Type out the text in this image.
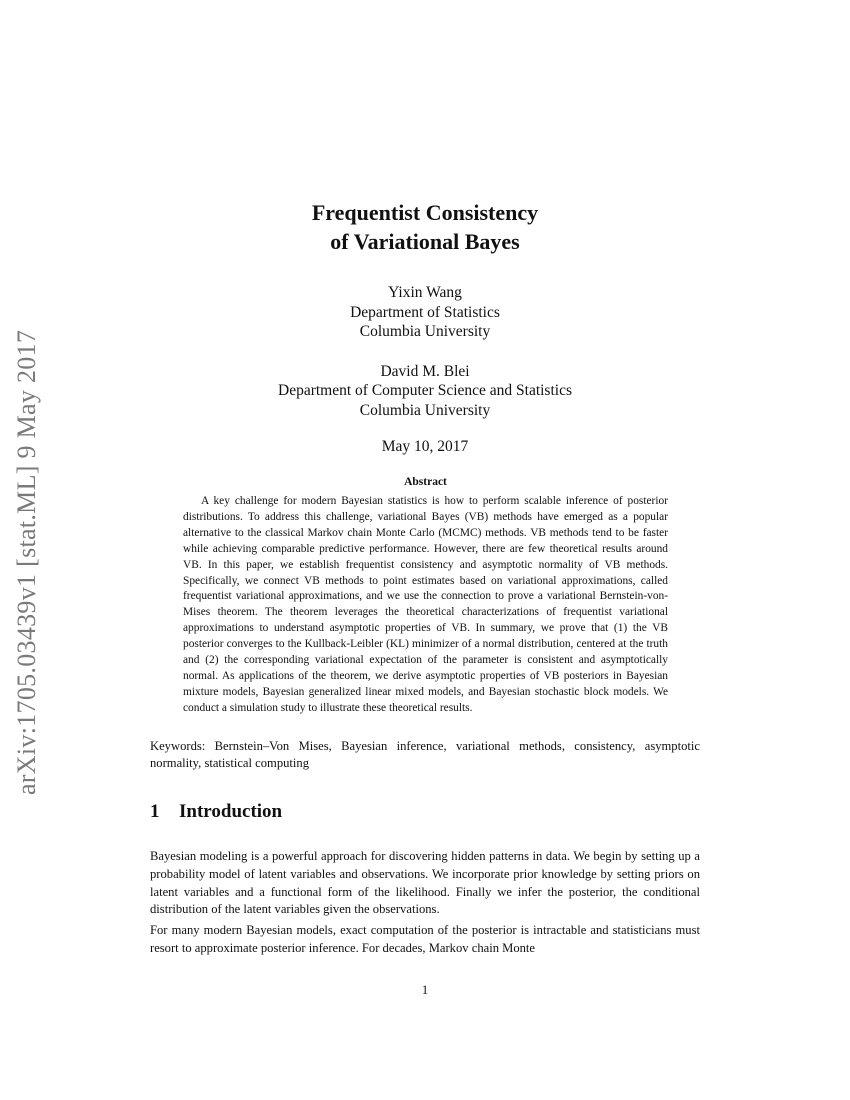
arXiv:1705.03439v1 [stat.ML] 9 May 2017

Frequentist Consistency

of Variational Bayes

Yixin Wang
Department of Statistics
Columbia University
David M. Blei
Department of Computer Science and Statistics
Columbia University
May 10, 2017
Abstract

A key challenge for modern Bayesian statistics is how to perform scalable inference of posterior distributions. To address this challenge, variational Bayes (VB) methods have emerged as a popular alternative to the classical Markov chain Monte Carlo (MCMC) methods. VB methods tend to be faster while achieving comparable predictive performance. However, there are few theoretical results around VB. In this paper, we establish frequentist consistency and asymptotic normality of VB methods. Specifically, we connect VB methods to point estimates based on variational approximations, called frequentist variational approximations, and we use the connection to prove a variational Bernstein-von-Mises theorem. The theorem leverages the theoretical characterizations of frequentist variational approximations to understand asymptotic properties of VB. In summary, we prove that (1) the VB posterior converges to the Kullback-Leibler (KL) minimizer of a normal distribution, centered at the truth and (2) the corresponding variational expectation of the parameter is consistent and asymptotically normal. As applications of the theorem, we derive asymptotic properties of VB posteriors in Bayesian mixture models, Bayesian generalized linear mixed models, and Bayesian stochastic block models. We conduct a simulation study to illustrate these theoretical results.

Keywords: Bernstein–Von Mises, Bayesian inference, variational methods, consistency, asymptotic normality, statistical computing

1 Introduction

Bayesian modeling is a powerful approach for discovering hidden patterns in data. We begin by setting up a probability model of latent variables and observations. We incorporate prior knowledge by setting priors on latent variables and a functional form of the likelihood. Finally we infer the posterior, the conditional distribution of the latent variables given the observations.

For many modern Bayesian models, exact computation of the posterior is intractable and statisticians must resort to approximate posterior inference. For decades, Markov chain Monte

1
